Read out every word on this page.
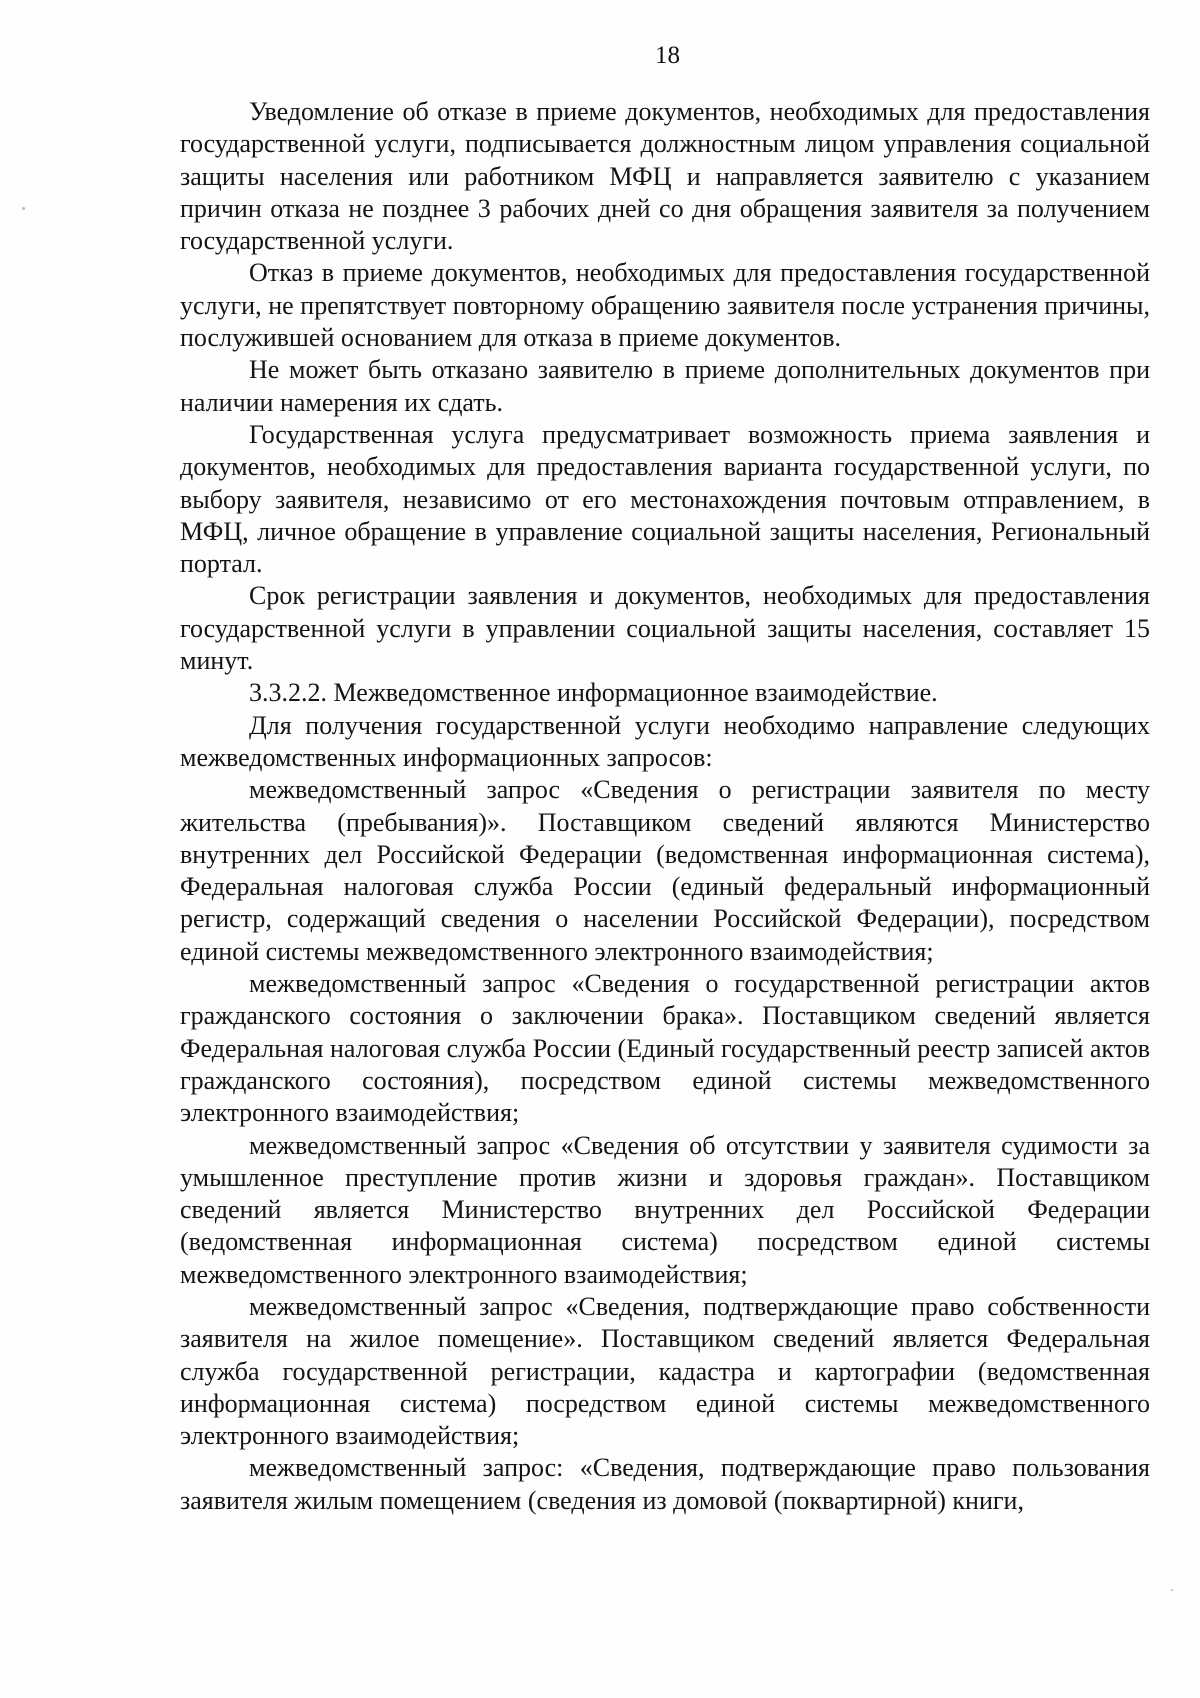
18

Уведомление об отказе в приеме документов, необходимых для предоставления государственной услуги, подписывается должностным лицом управления социальной защиты населения или работником МФЦ и направляется заявителю с указанием причин отказа не позднее 3 рабочих дней со дня обращения заявителя за получением государственной услуги.

Отказ в приеме документов, необходимых для предоставления государственной услуги, не препятствует повторному обращению заявителя после устранения причины, послужившей основанием для отказа в приеме документов.

Не может быть отказано заявителю в приеме дополнительных документов при наличии намерения их сдать.

Государственная услуга предусматривает возможность приема заявления и документов, необходимых для предоставления варианта государственной услуги, по выбору заявителя, независимо от его местонахождения почтовым отправлением, в МФЦ, личное обращение в управление социальной защиты населения, Региональный портал.

Срок регистрации заявления и документов, необходимых для предоставления государственной услуги в управлении социальной защиты населения, составляет 15 минут.

3.3.2.2. Межведомственное информационное взаимодействие.

Для получения государственной услуги необходимо направление следующих межведомственных информационных запросов:

межведомственный запрос «Сведения о регистрации заявителя по месту жительства (пребывания)». Поставщиком сведений являются Министерство внутренних дел Российской Федерации (ведомственная информационная система), Федеральная налоговая служба России (единый федеральный информационный регистр, содержащий сведения о населении Российской Федерации), посредством единой системы межведомственного электронного взаимодействия;

межведомственный запрос «Сведения о государственной регистрации актов гражданского состояния о заключении брака». Поставщиком сведений является Федеральная налоговая служба России (Единый государственный реестр записей актов гражданского состояния), посредством единой системы межведомственного электронного взаимодействия;

межведомственный запрос «Сведения об отсутствии у заявителя судимости за умышленное преступление против жизни и здоровья граждан». Поставщиком сведений является Министерство внутренних дел Российской Федерации (ведомственная информационная система) посредством единой системы межведомственного электронного взаимодействия;

межведомственный запрос «Сведения, подтверждающие право собственности заявителя на жилое помещение». Поставщиком сведений является Федеральная служба государственной регистрации, кадастра и картографии (ведомственная информационная система) посредством единой системы межведомственного электронного взаимодействия;

межведомственный запрос: «Сведения, подтверждающие право пользования заявителя жилым помещением (сведения из домовой (поквартирной) книги,
